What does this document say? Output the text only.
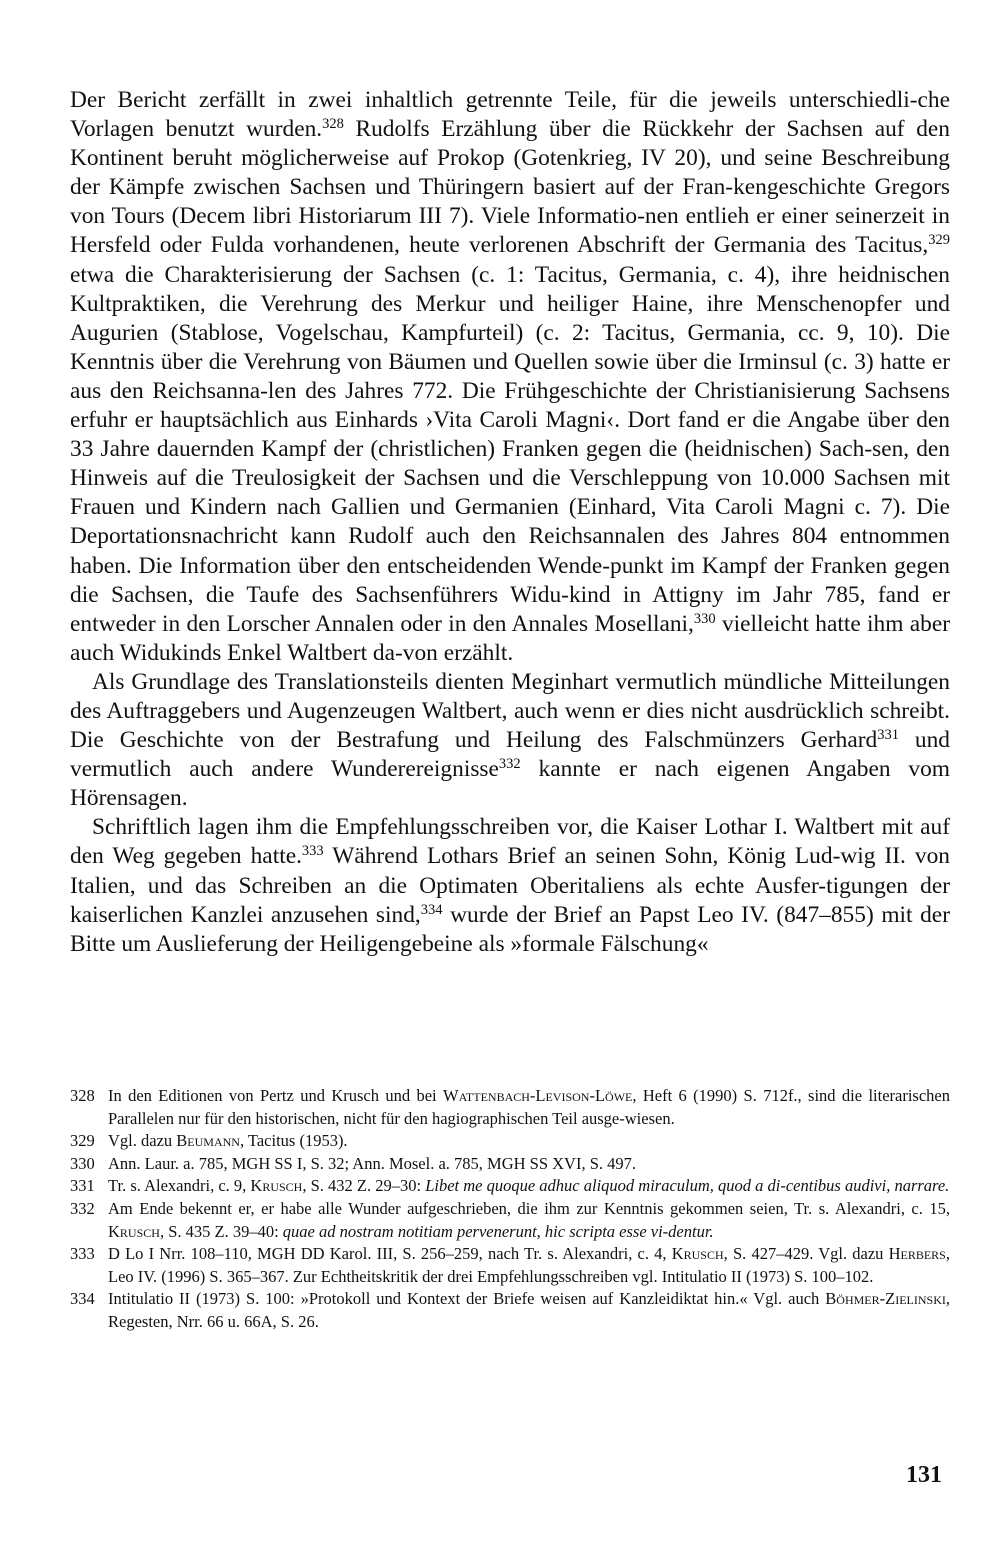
Der Bericht zerfällt in zwei inhaltlich getrennte Teile, für die jeweils unterschiedli-che Vorlagen benutzt wurden.$^{328}$ Rudolfs Erzählung über die Rückkehr der Sachsen auf den Kontinent beruht möglicherweise auf Prokop (Gotenkrieg, IV 20), und seine Beschreibung der Kämpfe zwischen Sachsen und Thüringern basiert auf der Fran-kengeschichte Gregors von Tours (Decem libri Historiarum III 7). Viele Informatio-nen entlieh er einer seinerzeit in Hersfeld oder Fulda vorhandenen, heute verlorenen Abschrift der Germania des Tacitus,$^{329}$ etwa die Charakterisierung der Sachsen (c. 1: Tacitus, Germania, c. 4), ihre heidnischen Kultpraktiken, die Verehrung des Merkur und heiliger Haine, ihre Menschenopfer und Augurien (Stablose, Vogelschau, Kampfurteil) (c. 2: Tacitus, Germania, cc. 9, 10). Die Kenntnis über die Verehrung von Bäumen und Quellen sowie über die Irminsul (c. 3) hatte er aus den Reichsanna-len des Jahres 772. Die Frühgeschichte der Christianisierung Sachsens erfuhr er hauptsächlich aus Einhards ›Vita Caroli Magni‹. Dort fand er die Angabe über den 33 Jahre dauernden Kampf der (christlichen) Franken gegen die (heidnischen) Sach-sen, den Hinweis auf die Treulosigkeit der Sachsen und die Verschleppung von 10.000 Sachsen mit Frauen und Kindern nach Gallien und Germanien (Einhard, Vita Caroli Magni c. 7). Die Deportationsnachricht kann Rudolf auch den Reichsannalen des Jahres 804 entnommen haben. Die Information über den entscheidenden Wende-punkt im Kampf der Franken gegen die Sachsen, die Taufe des Sachsenführers Widu-kind in Attigny im Jahr 785, fand er entweder in den Lorscher Annalen oder in den Annales Mosellani,$^{330}$ vielleicht hatte ihm aber auch Widukinds Enkel Waltbert da-von erzählt.

Als Grundlage des Translationsteils dienten Meginhart vermutlich mündliche Mitteilungen des Auftraggebers und Augenzeugen Waltbert, auch wenn er dies nicht ausdrücklich schreibt. Die Geschichte von der Bestrafung und Heilung des Falschmünzers Gerhard$^{331}$ und vermutlich auch andere Wunderereignisse$^{332}$ kannte er nach eigenen Angaben vom Hörensagen.

Schriftlich lagen ihm die Empfehlungsschreiben vor, die Kaiser Lothar I. Waltbert mit auf den Weg gegeben hatte.$^{333}$ Während Lothars Brief an seinen Sohn, König Lud-wig II. von Italien, und das Schreiben an die Optimaten Oberitaliens als echte Ausfer-tigungen der kaiserlichen Kanzlei anzusehen sind,$^{334}$ wurde der Brief an Papst Leo IV. (847–855) mit der Bitte um Auslieferung der Heiligengebeine als »formale Fälschung«

328 In den Editionen von Pertz und Krusch und bei Wattenbach-Levison-Löwe, Heft 6 (1990) S. 712f., sind die literarischen Parallelen nur für den historischen, nicht für den hagiographischen Teil ausge-wiesen.
329 Vgl. dazu Beumann, Tacitus (1953).
330 Ann. Laur. a. 785, MGH SS I, S. 32; Ann. Mosel. a. 785, MGH SS XVI, S. 497.
331 Tr. s. Alexandri, c. 9, Krusch, S. 432 Z. 29–30: Libet me quoque adhuc aliquod miraculum, quod a di-centibus audivi, narrare.
332 Am Ende bekennt er, er habe alle Wunder aufgeschrieben, die ihm zur Kenntnis gekommen seien, Tr. s. Alexandri, c. 15, Krusch, S. 435 Z. 39–40: quae ad nostram notitiam pervenerunt, hic scripta esse vi-dentur.
333 D Lo I Nrr. 108–110, MGH DD Karol. III, S. 256–259, nach Tr. s. Alexandri, c. 4, Krusch, S. 427–429. Vgl. dazu Herbers, Leo IV. (1996) S. 365–367. Zur Echtheitskritik der drei Empfehlungsschreiben vgl. Intitulatio II (1973) S. 100–102.
334 Intitulatio II (1973) S. 100: »Protokoll und Kontext der Briefe weisen auf Kanzleidiktat hin.« Vgl. auch Böhmer-Zielinski, Regesten, Nrr. 66 u. 66A, S. 26.
131
